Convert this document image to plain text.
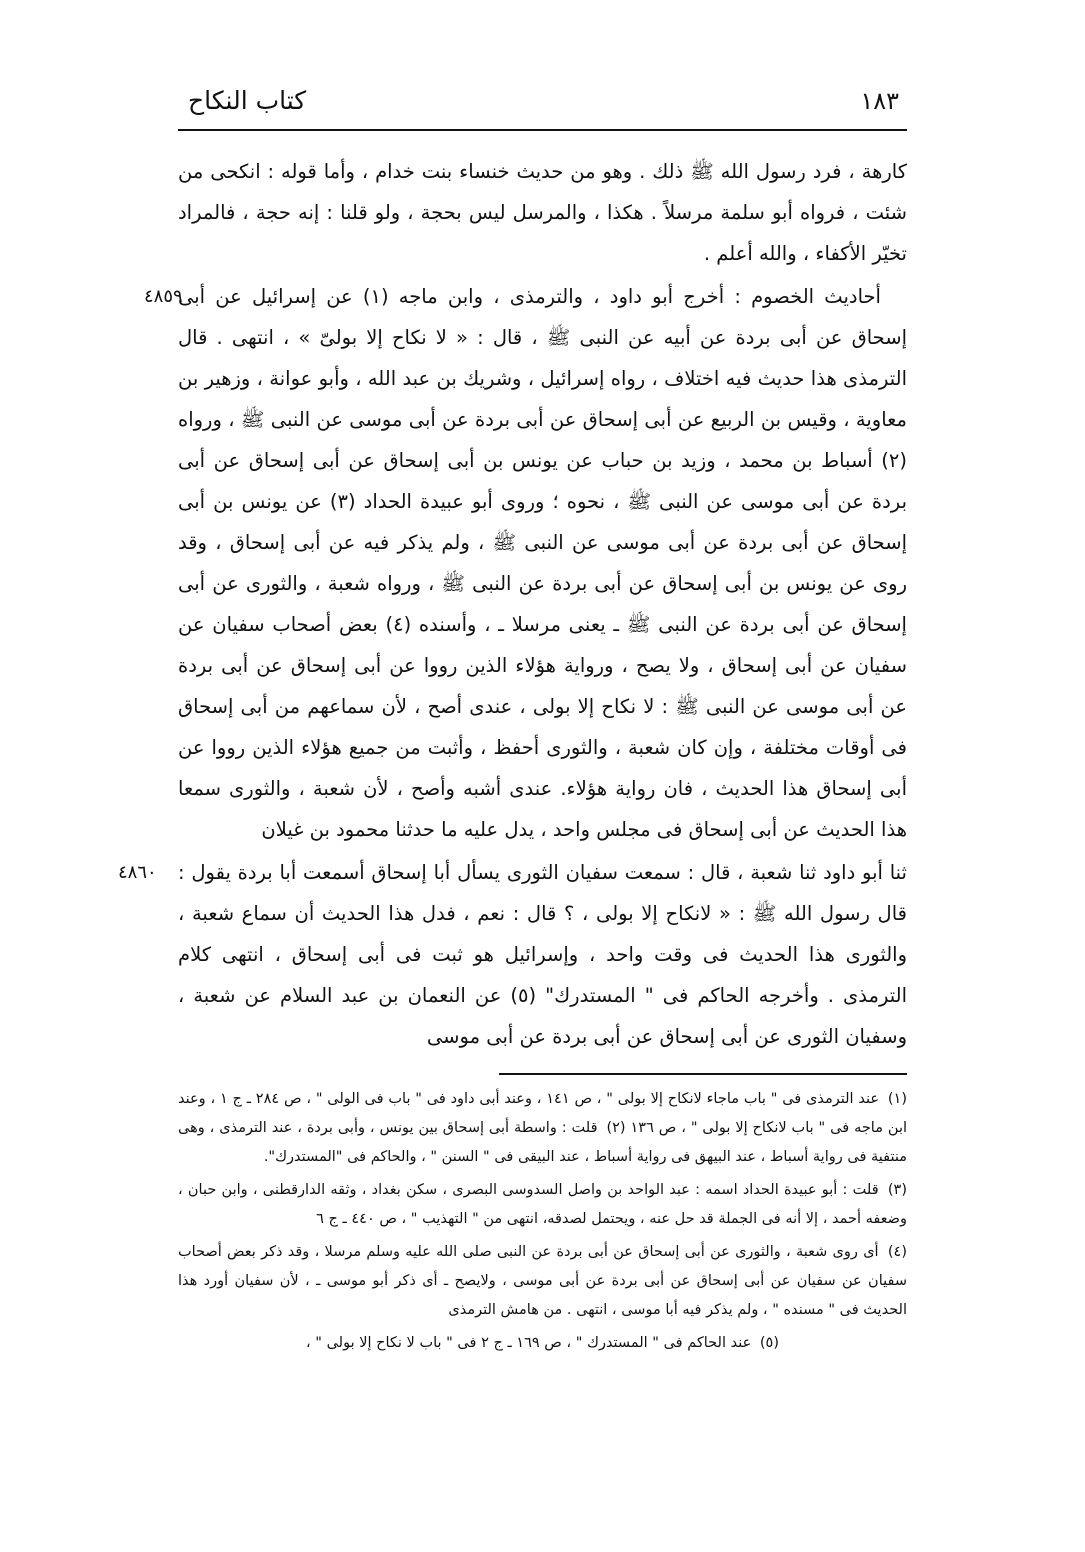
كتاب النكاح	١٨٣

كارهة ، فرد رسول الله ﷺ ذلك . وهو من حديث خنساء بنت خدام ، وأما قوله : انكحى من شئت ، فرواه أبو سلمة مرسلاً . هكذا ، والمرسل ليس بحجة ، ولو قلنا : إنه حجة ، فالمراد تخيّر الأكفاء ، والله أعلم .

٤٨٥٩
أحاديث الخصوم : أخرج أبو داود ، والترمذى ، وابن ماجه (١) عن إسرائيل عن أبى إسحاق عن أبى بردة عن أبيه عن النبى ﷺ ، قال : « لا نكاح إلا بولىّ » ، انتهى . قال الترمذى هذا حديث فيه اختلاف ، رواه إسرائيل ، وشريك بن عبد الله ، وأبو عوانة ، وزهير بن معاوية ، وقيس بن الربيع عن أبى إسحاق عن أبى بردة عن أبى موسى عن النبى ﷺ ، ورواه (٢) أسباط بن محمد ، وزيد بن حباب عن يونس بن أبى إسحاق عن أبى إسحاق عن أبى بردة عن أبى موسى عن النبى ﷺ ، نحوه ؛ وروى أبو عبيدة الحداد (٣) عن يونس بن أبى إسحاق عن أبى بردة عن أبى موسى عن النبى ﷺ ، ولم يذكر فيه عن أبى إسحاق ، وقد روى عن يونس بن أبى إسحاق عن أبى بردة عن النبى ﷺ ، ورواه شعبة ، والثورى عن أبى إسحاق عن أبى بردة عن النبى ﷺ ـ يعنى مرسلا ـ ، وأسنده (٤) بعض أصحاب سفيان عن سفيان عن أبى إسحاق ، ولا يصح ، ورواية هؤلاء الذين رووا عن أبى إسحاق عن أبى بردة عن أبى موسى عن النبى ﷺ : لا نكاح إلا بولى ، عندى أصح ، لأن سماعهم من أبى إسحاق فى أوقات مختلفة ، وإن كان شعبة ، والثورى أحفظ ، وأثبت من جميع هؤلاء الذين رووا عن أبى إسحاق هذا الحديث ، فان رواية هؤلاء. عندى أشبه وأصح ، لأن شعبة ، والثورى سمعا هذا الحديث عن أبى إسحاق فى مجلس واحد ، يدل عليه ما حدثنا محمود بن غيلان

٤٨٦٠ ثنا أبو داود ثنا شعبة ، قال : سمعت سفيان الثورى يسأل أبا إسحاق أسمعت أبا بردة يقول : قال رسول الله ﷺ : « لانكاح إلا بولى ، ؟ قال : نعم ، فدل هذا الحديث أن سماع شعبة ، والثورى هذا الحديث فى وقت واحد ، وإسرائيل هو ثبت فى أبى إسحاق ، انتهى كلام الترمذى . وأخرجه الحاكم فى " المستدرك" (٥) عن النعمان بن عبد السلام عن شعبة ، وسفيان الثورى عن أبى إسحاق عن أبى بردة عن أبى موسى

(١) عند الترمذى فى " باب ماجاء لانكاح إلا بولى " ، ص ١٤١ ، وعند أبى داود فى " باب فى الولى " ، ص ٢٨٤ ـ ج ١ ، وعند ابن ماجه فى " باب لانكاح إلا بولى " ، ص ١٣٦ (٢) قلت : واسطة أبى إسحاق بين يونس ، وأبى بردة ، عند الترمذى ، وهى منتفية فى رواية أسباط ، عند البيهق فى رواية أسباط ، عند البيقى فى " السنن " ، والحاكم فى "المستدرك".
(٣) قلت : أبو عبيدة الحداد اسمه : عبد الواحد بن واصل السدوسى البصرى ، سكن بغداد ، وثقه الدارقطنى ، وابن حبان ، وضعفه أحمد ، إلا أنه فى الجملة قد حل عنه ، ويحتمل لصدقه، انتهى من " التهذيب " ، ص ٤٤٠ ـ ج ٦
(٤) أى روى شعبة ، والثورى عن أبى إسحاق عن أبى بردة عن النبى صلى الله عليه وسلم مرسلا ، وقد ذكر بعض أصحاب سفيان عن سفيان عن أبى إسحاق عن أبى بردة عن أبى موسى ، ولايصح ـ أى ذكر أبو موسى ـ ، لأن سفيان أورد هذا الحديث فى " مسنده " ، ولم يذكر فيه أبا موسى ، انتهى . من هامش الترمذى
(٥) عند الحاكم فى " المستدرك " ، ص ١٦٩ ـ ج ٢ فى " باب لا نكاح إلا بولى " ،
